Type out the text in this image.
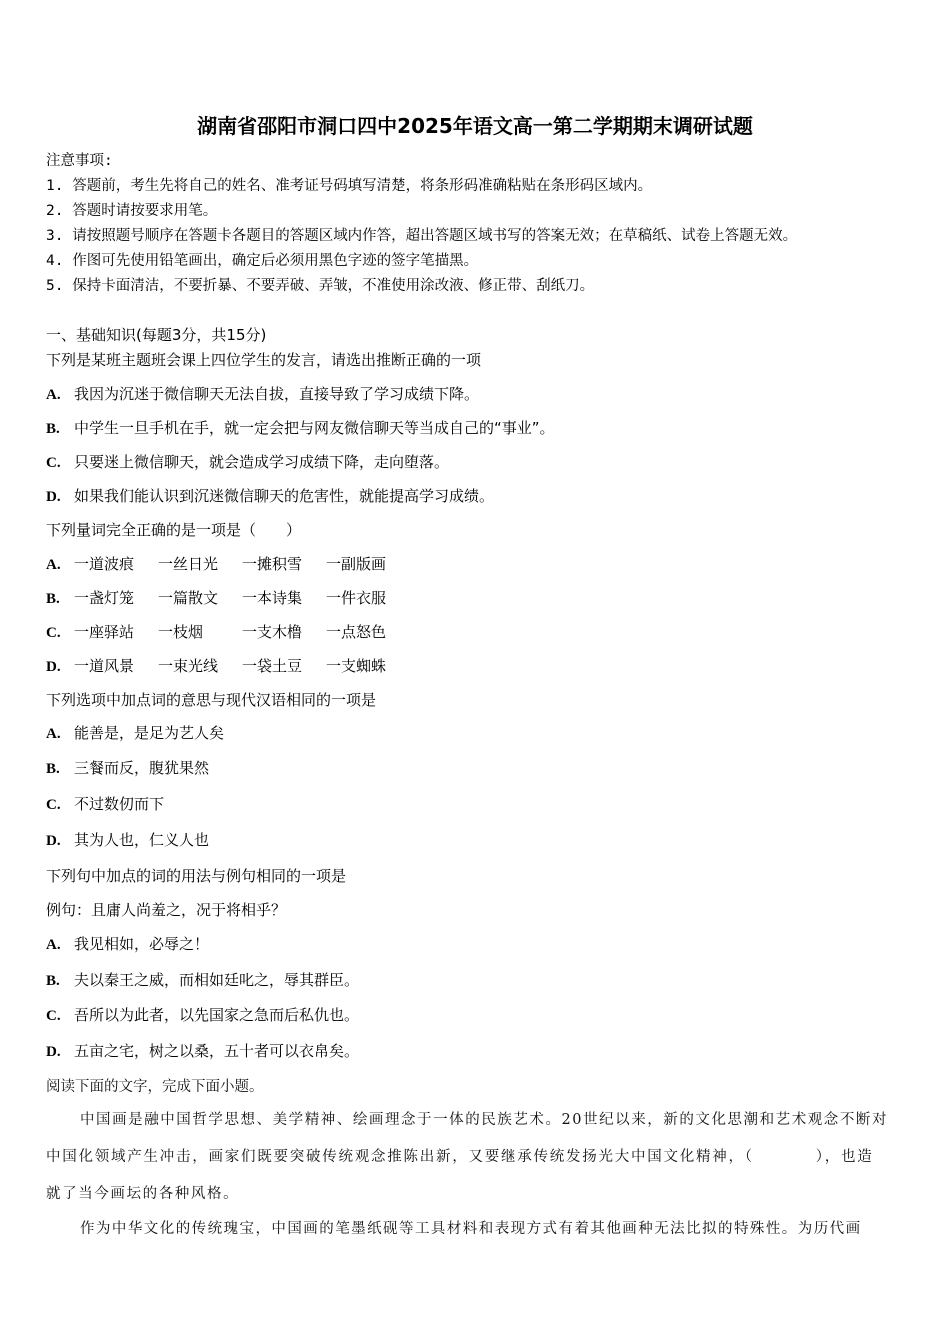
湖南省邵阳市洞口四中2025年语文高一第二学期期末调研试题
注意事项:
1. 答题前，考生先将自己的姓名、准考证号码填写清楚，将条形码准确粘贴在条形码区域内。
2. 答题时请按要求用笔。
3. 请按照题号顺序在答题卡各题目的答题区域内作答，超出答题区域书写的答案无效；在草稿纸、试卷上答题无效。
4. 作图可先使用铅笔画出，确定后必须用黑色字迹的签字笔描黑。
5. 保持卡面清洁，不要折暴、不要弄破、弄皱，不准使用涂改液、修正带、刮纸刀。
一、基础知识(每题3分，共15分)
下列是某班主题班会课上四位学生的发言，请选出推断正确的一项
A. 我因为沉迷于微信聊天无法自拔，直接导致了学习成绩下降。
B. 中学生一旦手机在手，就一定会把与网友微信聊天等当成自己的“事业”。
C. 只要迷上微信聊天，就会造成学习成绩下降，走向堕落。
D. 如果我们能认识到沉迷微信聊天的危害性，就能提高学习成绩。
下列量词完全正确的是一项是（　　）
A. 一道波痕 一丝日光 一摊积雪 一副版画
B. 一盏灯笼 一篇散文 一本诗集 一件衣服
C. 一座驿站 一枝烟	一支木橹 一点怒色
D. 一道风景 一束光线 一袋土豆 一支蜘蛛
下列选项中加点词的意思与现代汉语相同的一项是
A. 能善是，是足为艺人矣
B. 三餐而反，腹犹果然
C. 不过数仞而下
D. 其为人也，仁义人也
下列句中加点的词的用法与例句相同的一项是
例句：且庸人尚羞之，况于将相乎？
A. 我见相如，必辱之！
B. 夫以秦王之威，而相如廷叱之，辱其群臣。
C. 吾所以为此者，以先国家之急而后私仇也。
D. 五亩之宅，树之以桑，五十者可以衣帛矣。
阅读下面的文字，完成下面小题。
中国画是融中国哲学思想、美学精神、绘画理念于一体的民族艺术。20世纪以来，新的文化思潮和艺术观念不断对
中国化领域产生冲击，画家们既要突破传统观念推陈出新，又要继承传统发扬光大中国文化精神，（	），也造
就了当今画坛的各种风格。
作为中华文化的传统瑰宝，中国画的笔墨纸砚等工具材料和表现方式有着其他画种无法比拟的特殊性。为历代画
